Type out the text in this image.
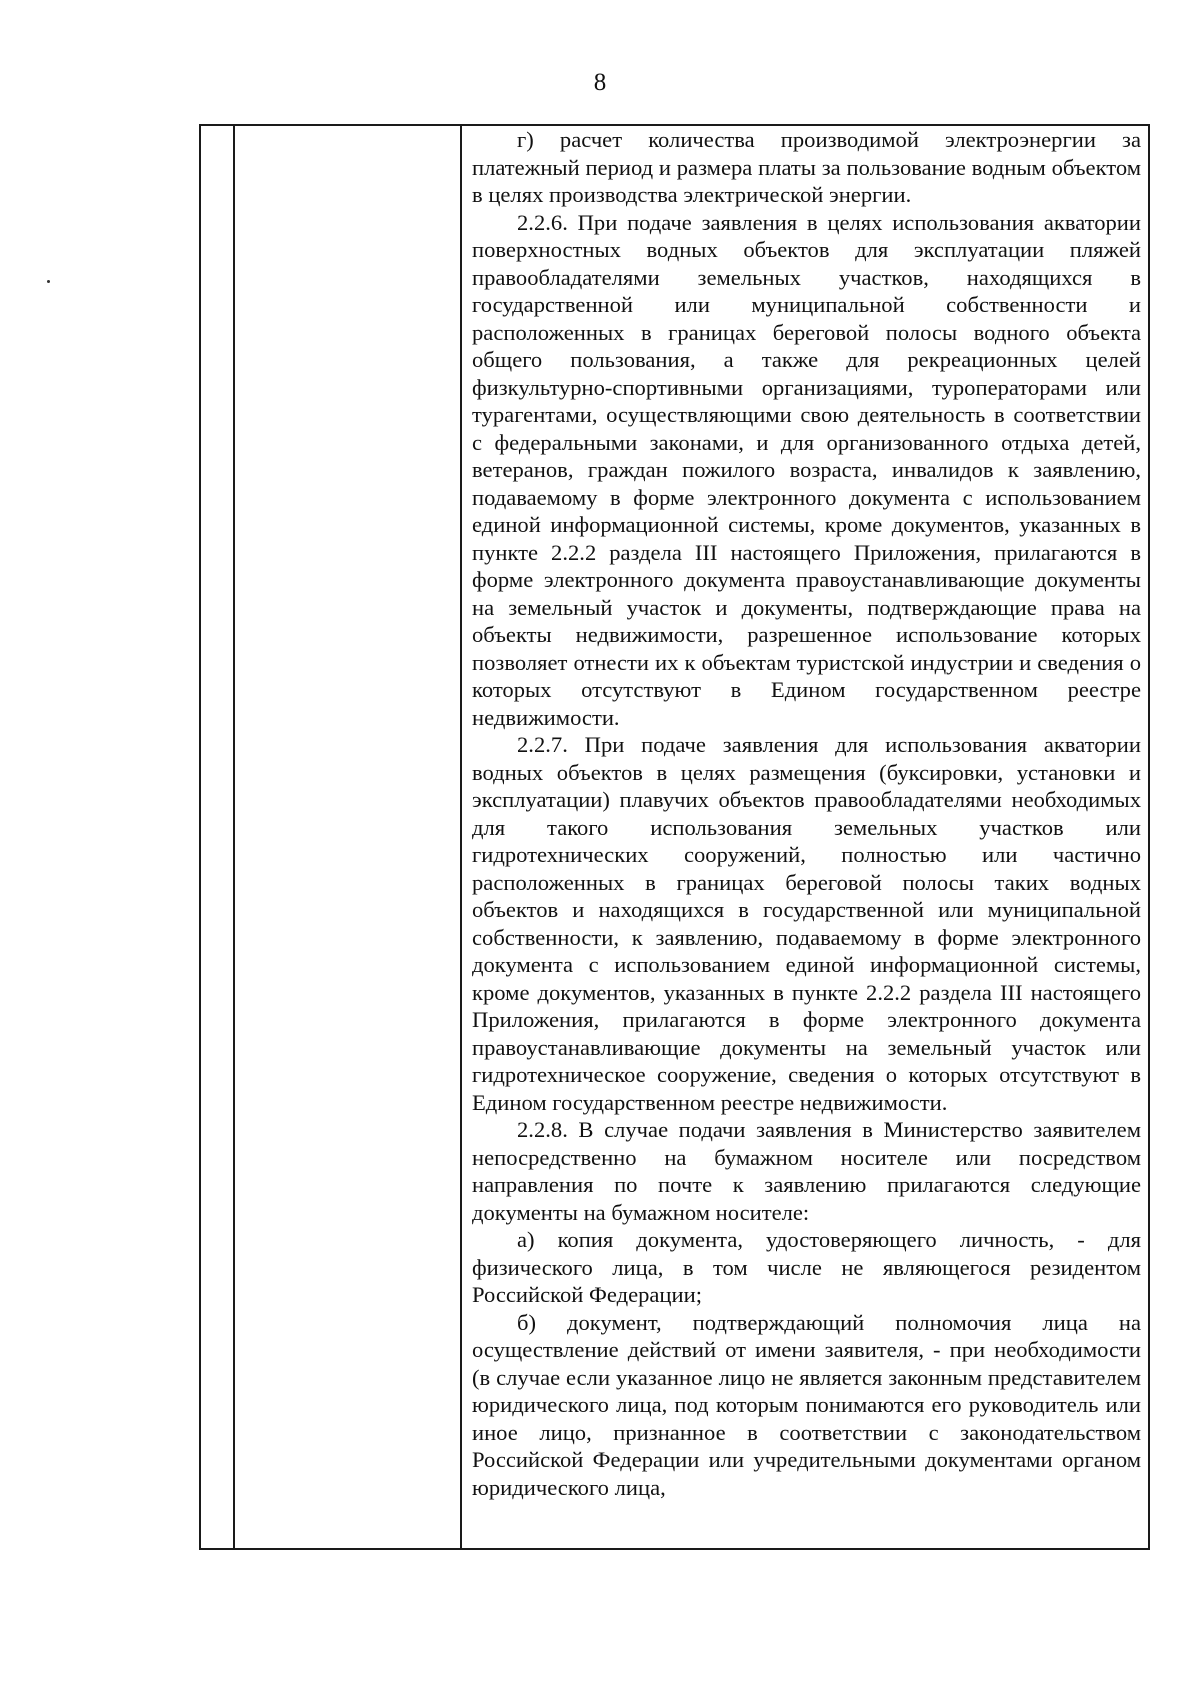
8

г) расчет количества производимой электроэнергии за платежный период и размера платы за пользование водным объектом в целях производства электрической энергии.

2.2.6. При подаче заявления в целях использования акватории поверхностных водных объектов для эксплуатации пляжей правообладателями земельных участков, находящихся в государственной или муниципальной собственности и расположенных в границах береговой полосы водного объекта общего пользования, а также для рекреационных целей физкультурно-спортивными организациями, туроператорами или турагентами, осуществляющими свою деятельность в соответствии с федеральными законами, и для организованного отдыха детей, ветеранов, граждан пожилого возраста, инвалидов к заявлению, подаваемому в форме электронного документа с использованием единой информационной системы, кроме документов, указанных в пункте 2.2.2 раздела III настоящего Приложения, прилагаются в форме электронного документа правоустанавливающие документы на земельный участок и документы, подтверждающие права на объекты недвижимости, разрешенное использование которых позволяет отнести их к объектам туристской индустрии и сведения о которых отсутствуют в Едином государственном реестре недвижимости.

2.2.7. При подаче заявления для использования акватории водных объектов в целях размещения (буксировки, установки и эксплуатации) плавучих объектов правообладателями необходимых для такого использования земельных участков или гидротехнических сооружений, полностью или частично расположенных в границах береговой полосы таких водных объектов и находящихся в государственной или муниципальной собственности, к заявлению, подаваемому в форме электронного документа с использованием единой информационной системы, кроме документов, указанных в пункте 2.2.2 раздела III настоящего Приложения, прилагаются в форме электронного документа правоустанавливающие документы на земельный участок или гидротехническое сооружение, сведения о которых отсутствуют в Едином государственном реестре недвижимости.

2.2.8. В случае подачи заявления в Министерство заявителем непосредственно на бумажном носителе или посредством направления по почте к заявлению прилагаются следующие документы на бумажном носителе:

а) копия документа, удостоверяющего личность, - для физического лица, в том числе не являющегося резидентом Российской Федерации;

б) документ, подтверждающий полномочия лица на осуществление действий от имени заявителя, - при необходимости (в случае если указанное лицо не является законным представителем юридического лица, под которым понимаются его руководитель или иное лицо, признанное в соответствии с законодательством Российской Федерации или учредительными документами органом юридического лица,
